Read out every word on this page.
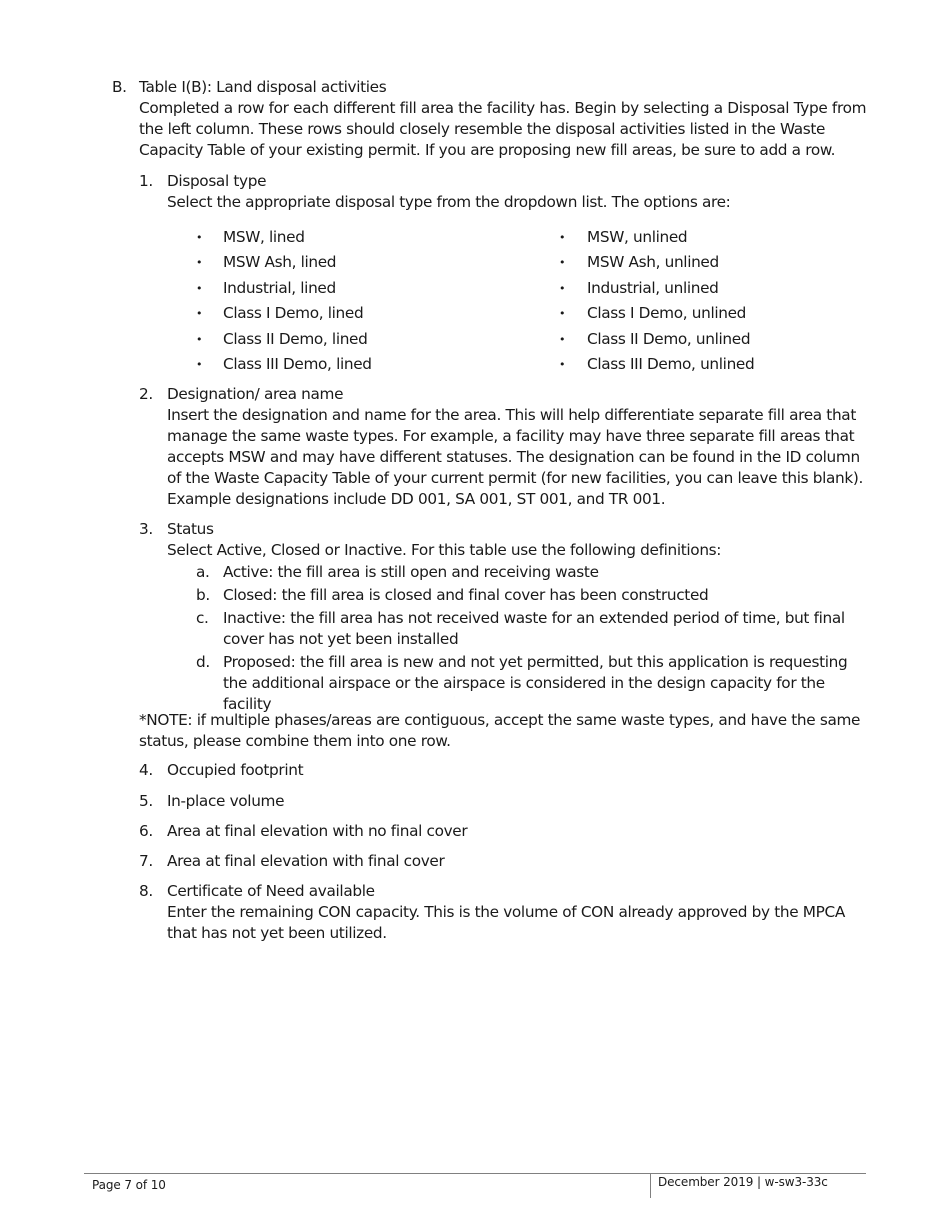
B. Table I(B): Land disposal activities

Completed a row for each different fill area the facility has. Begin by selecting a Disposal Type from the left column. These rows should closely resemble the disposal activities listed in the Waste Capacity Table of your existing permit. If you are proposing new fill areas, be sure to add a row.

1. Disposal type

Select the appropriate disposal type from the dropdown list. The options are:

• MSW, lined
• MSW Ash, lined
• Industrial, lined
• Class I Demo, lined
• Class II Demo, lined
• Class III Demo, lined
• MSW, unlined
• MSW Ash, unlined
• Industrial, unlined
• Class I Demo, unlined
• Class II Demo, unlined
• Class III Demo, unlined
2. Designation/ area name

Insert the designation and name for the area. This will help differentiate separate fill area that manage the same waste types. For example, a facility may have three separate fill areas that accepts MSW and may have different statuses. The designation can be found in the ID column of the Waste Capacity Table of your current permit (for new facilities, you can leave this blank). Example designations include DD 001, SA 001, ST 001, and TR 001.

3. Status

Select Active, Closed or Inactive. For this table use the following definitions:

a. Active: the fill area is still open and receiving waste
b. Closed: the fill area is closed and final cover has been constructed
c. Inactive: the fill area has not received waste for an extended period of time, but final cover has not yet been installed
d. Proposed: the fill area is new and not yet permitted, but this application is requesting the additional airspace or the airspace is considered in the design capacity for the facility
*NOTE: if multiple phases/areas are contiguous, accept the same waste types, and have the same status, please combine them into one row.
4. Occupied footprint
5. In-place volume
6. Area at final elevation with no final cover
7. Area at final elevation with final cover
8. Certificate of Need available

Enter the remaining CON capacity. This is the volume of CON already approved by the MPCA that has not yet been utilized.

Page 7 of 10	December 2019 | w-sw3-33c
